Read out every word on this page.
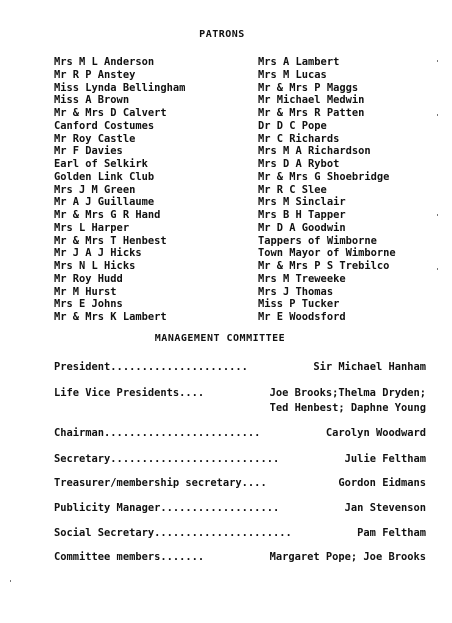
PATRONS
Mrs M L Anderson
Mr R P Anstey
Miss Lynda Bellingham
Miss A Brown
Mr & Mrs D Calvert
Canford Costumes
Mr Roy Castle
Mr F Davies
Earl of Selkirk
Golden Link Club
Mrs J M Green
Mr A J Guillaume
Mr & Mrs G R Hand
Mrs L Harper
Mr & Mrs T Henbest
Mr J A J Hicks
Mrs N L Hicks
Mr Roy Hudd
Mr M Hurst
Mrs E Johns
Mr & Mrs K Lambert
Mrs A Lambert
Mrs M Lucas
Mr & Mrs P Maggs
Mr Michael Medwin
Mr & Mrs R Patten
Dr D C Pope
Mr C Richards
Mrs M A Richardson
Mrs D A Rybot
Mr & Mrs G Shoebridge
Mr R C Slee
Mrs M Sinclair
Mrs B H Tapper
Mr D A Goodwin
Tappers of Wimborne
Town Mayor of Wimborne
Mr & Mrs P S Trebilco
Mrs M Treweeke
Mrs J Thomas
Miss P Tucker
Mr E Woodsford
MANAGEMENT COMMITTEE
President......................	Sir Michael Hanham
Life Vice Presidents....	Joe Brooks;Thelma Dryden;
Ted Henbest; Daphne Young
Chairman.........................	Carolyn Woodward
Secretary...........................	Julie Feltham
Treasurer/membership secretary....	Gordon Eidmans
Publicity Manager...................	Jan Stevenson
Social Secretary......................	Pam Feltham
Committee members.......	Margaret Pope; Joe Brooks
